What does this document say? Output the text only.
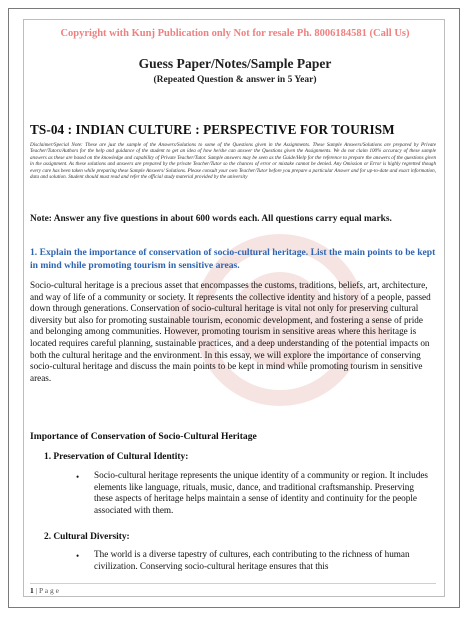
Copyright with Kunj Publication only Not for resale Ph. 8006184581 (Call Us)
Guess Paper/Notes/Sample Paper
(Repeated Question & answer in 5 Year)
TS-04 : INDIAN CULTURE : PERSPECTIVE FOR TOURISM
Disclaimer/Special Note: These are just the sample of the Answers/Solutions to some of the Questions given in the Assignments. These Sample Answers/Solutions are prepared by Private Teacher/Tutors/Authors for the help and guidance of the student to get an idea of how he/she can answer the Questions given the Assignments. We do not claim 100% accuracy of these sample answers as these are based on the knowledge and capability of Private Teacher/Tutor. Sample answers may be seen as the Guide/Help for the reference to prepare the answers of the questions given in the assignment. As these solutions and answers are prepared by the private Teacher/Tutor so the chances of error or mistake cannot be denied. Any Omission or Error is highly regretted though every care has been taken while preparing these Sample Answers/ Solutions. Please consult your own Teacher/Tutor before you prepare a particular Answer and for up-to-date and exact information, data and solution. Student should must read and refer the official study material provided by the university
Note: Answer any five questions in about 600 words each. All questions carry equal marks.
1. Explain the importance of conservation of socio-cultural heritage. List the main points to be kept in mind while promoting tourism in sensitive areas.
Socio-cultural heritage is a precious asset that encompasses the customs, traditions, beliefs, art, architecture, and way of life of a community or society. It represents the collective identity and history of a people, passed down through generations. Conservation of socio-cultural heritage is vital not only for preserving cultural diversity but also for promoting sustainable tourism, economic development, and fostering a sense of pride and belonging among communities. However, promoting tourism in sensitive areas where this heritage is located requires careful planning, sustainable practices, and a deep understanding of the potential impacts on both the cultural heritage and the environment. In this essay, we will explore the importance of conserving socio-cultural heritage and discuss the main points to be kept in mind while promoting tourism in sensitive areas.
Importance of Conservation of Socio-Cultural Heritage
1. Preservation of Cultural Identity:
• Socio-cultural heritage represents the unique identity of a community or region. It includes elements like language, rituals, music, dance, and traditional craftsmanship. Preserving these aspects of heritage helps maintain a sense of identity and continuity for the people associated with them.
2. Cultural Diversity:
• The world is a diverse tapestry of cultures, each contributing to the richness of human civilization. Conserving socio-cultural heritage ensures that this
1 | P a g e
